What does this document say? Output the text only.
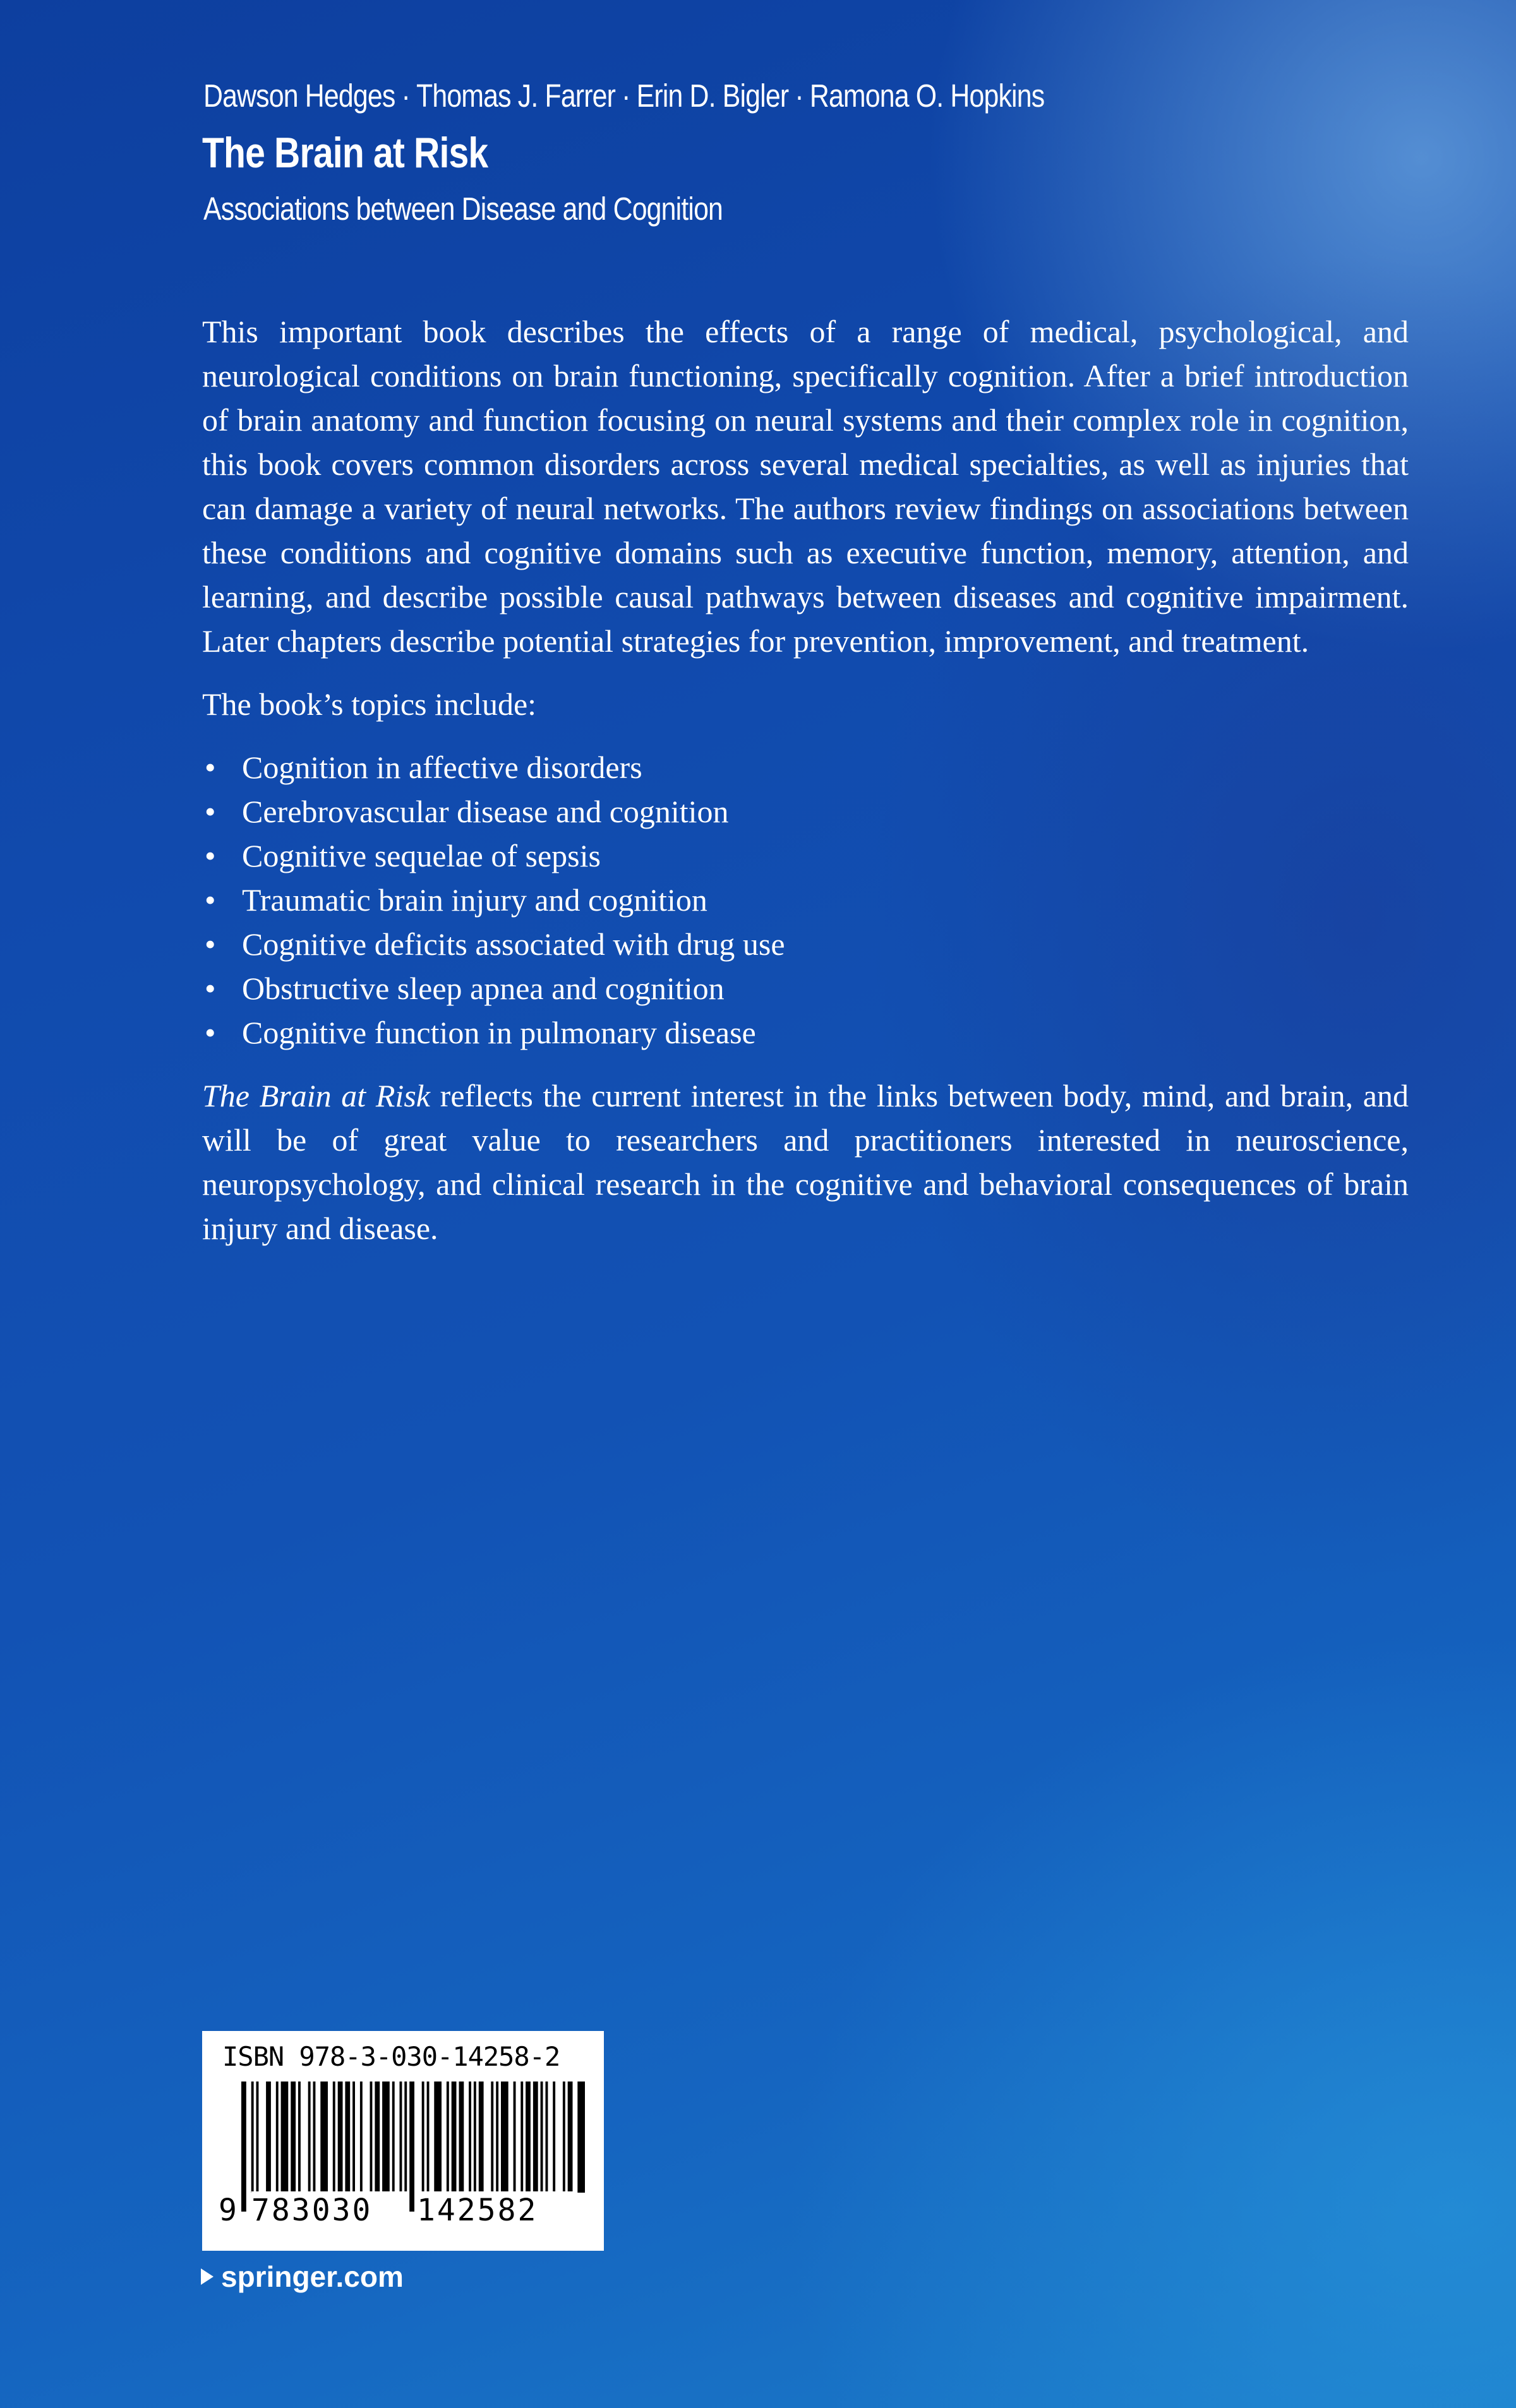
Dawson Hedges · Thomas J. Farrer · Erin D. Bigler · Ramona O. Hopkins
The Brain at Risk
Associations between Disease and Cognition

This important book describes the effects of a range of medical, psychological, and neurological conditions on brain functioning, specifically cognition. After a brief introduction of brain anatomy and function focusing on neural systems and their complex role in cognition, this book covers common disorders across several medical specialties, as well as injuries that can damage a variety of neural networks. The authors review findings on associations between these conditions and cognitive domains such as executive function, memory, attention, and learning, and describe possible causal pathways between diseases and cognitive impairment. Later chapters describe potential strategies for prevention, improvement, and treatment.

The book’s topics include:

• Cognition in affective disorders
• Cerebrovascular disease and cognition
• Cognitive sequelae of sepsis
• Traumatic brain injury and cognition
• Cognitive deficits associated with drug use
• Obstructive sleep apnea and cognition
• Cognitive function in pulmonary disease

The Brain at Risk reflects the current interest in the links between body, mind, and brain, and will be of great value to researchers and practitioners interested in neuroscience, neuropsychology, and clinical research in the cognitive and behavioral consequences of brain injury and disease.

ISBN 978-3-030-14258-2
9 783030	142582
springer.com
